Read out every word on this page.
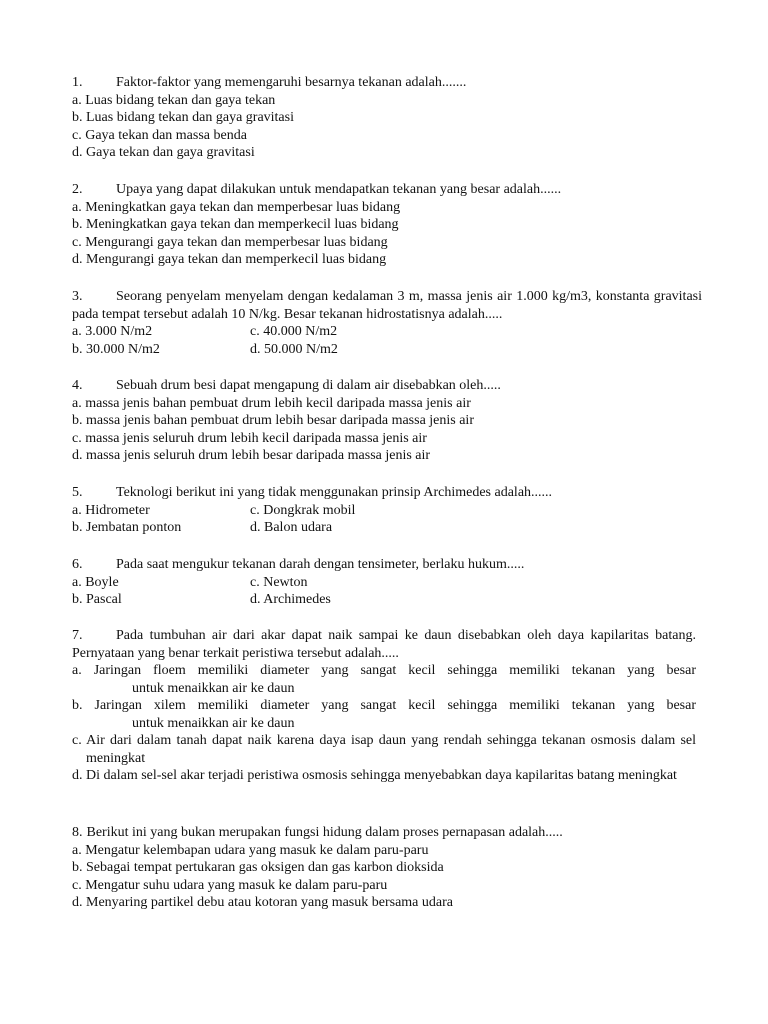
1. Faktor-faktor yang memengaruhi besarnya tekanan adalah.......

a. Luas bidang tekan dan gaya tekan

b. Luas bidang tekan dan gaya gravitasi

c. Gaya tekan dan massa benda

d. Gaya tekan dan gaya gravitasi

2. Upaya yang dapat dilakukan untuk mendapatkan tekanan yang besar adalah......

a. Meningkatkan gaya tekan dan memperbesar luas bidang

b. Meningkatkan gaya tekan dan memperkecil luas bidang

c. Mengurangi gaya tekan dan memperbesar luas bidang

d. Mengurangi gaya tekan dan memperkecil luas bidang

3. Seorang penyelam menyelam dengan kedalaman 3 m, massa jenis air 1.000 kg/m3, konstanta gravitasi pada tempat tersebut adalah 10 N/kg. Besar tekanan hidrostatisnya adalah.....

a. 3.000 N/m2	c. 40.000 N/m2
b. 30.000 N/m2	d. 50.000 N/m2

4. Sebuah drum besi dapat mengapung di dalam air disebabkan oleh.....

a. massa jenis bahan pembuat drum lebih kecil daripada massa jenis air

b. massa jenis bahan pembuat drum lebih besar daripada massa jenis air

c. massa jenis seluruh drum lebih kecil daripada massa jenis air

d. massa jenis seluruh drum lebih besar daripada massa jenis air

5. Teknologi berikut ini yang tidak menggunakan prinsip Archimedes adalah......

a. Hidrometer	c. Dongkrak mobil
b. Jembatan ponton	d. Balon udara

6. Pada saat mengukur tekanan darah dengan tensimeter, berlaku hukum.....

a. Boyle	c. Newton
b. Pascal	d. Archimedes

7. Pada tumbuhan air dari akar dapat naik sampai ke daun disebabkan oleh daya kapilaritas batang. Pernyataan yang benar terkait peristiwa tersebut adalah.....

a. Jaringan floem memiliki diameter yang sangat kecil sehingga memiliki tekanan yang besar
untuk menaikkan air ke daun

b. Jaringan xilem memiliki diameter yang sangat kecil sehingga memiliki tekanan yang besar
untuk menaikkan air ke daun

c. Air dari dalam tanah dapat naik karena daya isap daun yang rendah sehingga tekanan osmosis dalam sel meningkat

d. Di dalam sel-sel akar terjadi peristiwa osmosis sehingga menyebabkan daya kapilaritas batang meningkat

8. Berikut ini yang bukan merupakan fungsi hidung dalam proses pernapasan adalah.....

a. Mengatur kelembapan udara yang masuk ke dalam paru-paru

b. Sebagai tempat pertukaran gas oksigen dan gas karbon dioksida

c. Mengatur suhu udara yang masuk ke dalam paru-paru

d. Menyaring partikel debu atau kotoran yang masuk bersama udara
